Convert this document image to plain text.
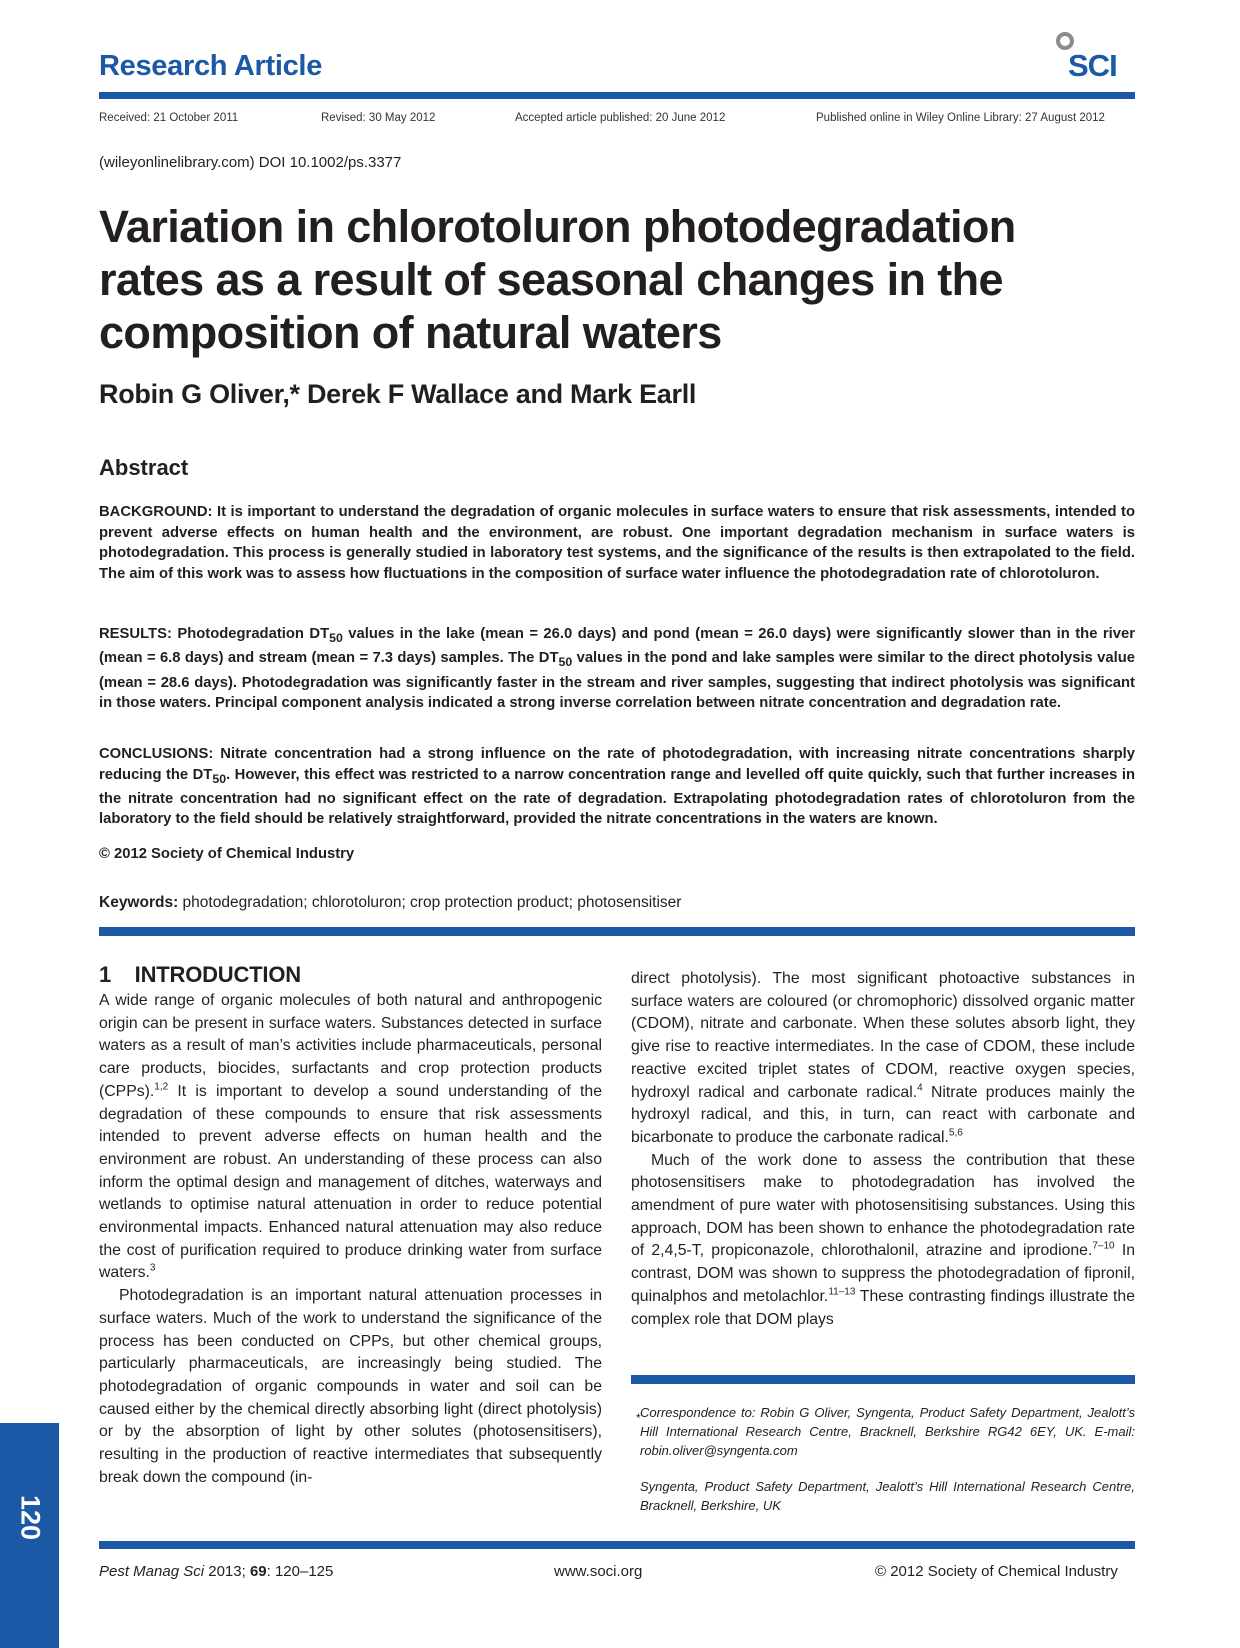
Research Article	SCI
Received: 21 October 2011	Revised: 30 May 2012	Accepted article published: 20 June 2012	Published online in Wiley Online Library: 27 August 2012
(wileyonlinelibrary.com) DOI 10.1002/ps.3377
Variation in chlorotoluron photodegradation
rates as a result of seasonal changes in the
composition of natural waters
Robin G Oliver,* Derek F Wallace and Mark Earll
Abstract
BACKGROUND: It is important to understand the degradation of organic molecules in surface waters to ensure that risk assessments, intended to prevent adverse effects on human health and the environment, are robust. One important degradation mechanism in surface waters is photodegradation. This process is generally studied in laboratory test systems, and the significance of the results is then extrapolated to the field. The aim of this work was to assess how fluctuations in the composition of surface water influence the photodegradation rate of chlorotoluron.
RESULTS: Photodegradation $DT_{50}$ values in the lake (mean = 26.0 days) and pond (mean = 26.0 days) were significantly slower than in the river (mean = 6.8 days) and stream (mean = 7.3 days) samples. The $DT_{50}$ values in the pond and lake samples were similar to the direct photolysis value (mean = 28.6 days). Photodegradation was significantly faster in the stream and river samples, suggesting that indirect photolysis was significant in those waters. Principal component analysis indicated a strong inverse correlation between nitrate concentration and degradation rate.
CONCLUSIONS: Nitrate concentration had a strong influence on the rate of photodegradation, with increasing nitrate concentrations sharply reducing the $DT_{50}$. However, this effect was restricted to a narrow concentration range and levelled off quite quickly, such that further increases in the nitrate concentration had no significant effect on the rate of degradation. Extrapolating photodegradation rates of chlorotoluron from the laboratory to the field should be relatively straightforward, provided the nitrate concentrations in the waters are known.
© 2012 Society of Chemical Industry
Keywords: photodegradation; chlorotoluron; crop protection product; photosensitiser
1    INTRODUCTION

A wide range of organic molecules of both natural and anthropogenic origin can be present in surface waters. Substances detected in surface waters as a result of man’s activities include pharmaceuticals, personal care products, biocides, surfactants and crop protection products (CPPs).$^{1,2}$ It is important to develop a sound understanding of the degradation of these compounds to ensure that risk assessments intended to prevent adverse effects on human health and the environment are robust. An understanding of these process can also inform the optimal design and management of ditches, waterways and wetlands to optimise natural attenuation in order to reduce potential environmental impacts. Enhanced natural attenuation may also reduce the cost of purification required to produce drinking water from surface waters.$^3$

Photodegradation is an important natural attenuation processes in surface waters. Much of the work to understand the significance of the process has been conducted on CPPs, but other chemical groups, particularly pharmaceuticals, are increasingly being studied. The photodegradation of organic compounds in water and soil can be caused either by the chemical directly absorbing light (direct photolysis) or by the absorption of light by other solutes (photosensitisers), resulting in the production of reactive intermediates that subsequently break down the compound (in-

direct photolysis). The most significant photoactive substances in surface waters are coloured (or chromophoric) dissolved organic matter (CDOM), nitrate and carbonate. When these solutes absorb light, they give rise to reactive intermediates. In the case of CDOM, these include reactive excited triplet states of CDOM, reactive oxygen species, hydroxyl radical and carbonate radical.$^4$ Nitrate produces mainly the hydroxyl radical, and this, in turn, can react with carbonate and bicarbonate to produce the carbonate radical.$^{5,6}$

Much of the work done to assess the contribution that these photosensitisers make to photodegradation has involved the amendment of pure water with photosensitising substances. Using this approach, DOM has been shown to enhance the photodegradation rate of 2,4,5-T, propiconazole, chlorothalonil, atrazine and iprodione.$^{7-10}$ In contrast, DOM was shown to suppress the photodegradation of fipronil, quinalphos and metolachlor.$^{11-13}$ These contrasting findings illustrate the complex role that DOM plays

* Correspondence to: Robin G Oliver, Syngenta, Product Safety Department, Jealott’s Hill International Research Centre, Bracknell, Berkshire RG42 6EY, UK. E-mail: robin.oliver@syngenta.com
Syngenta, Product Safety Department, Jealott’s Hill International Research Centre, Bracknell, Berkshire, UK
120
Pest Manag Sci 2013; 69: 120–125	www.soci.org	© 2012 Society of Chemical Industry
